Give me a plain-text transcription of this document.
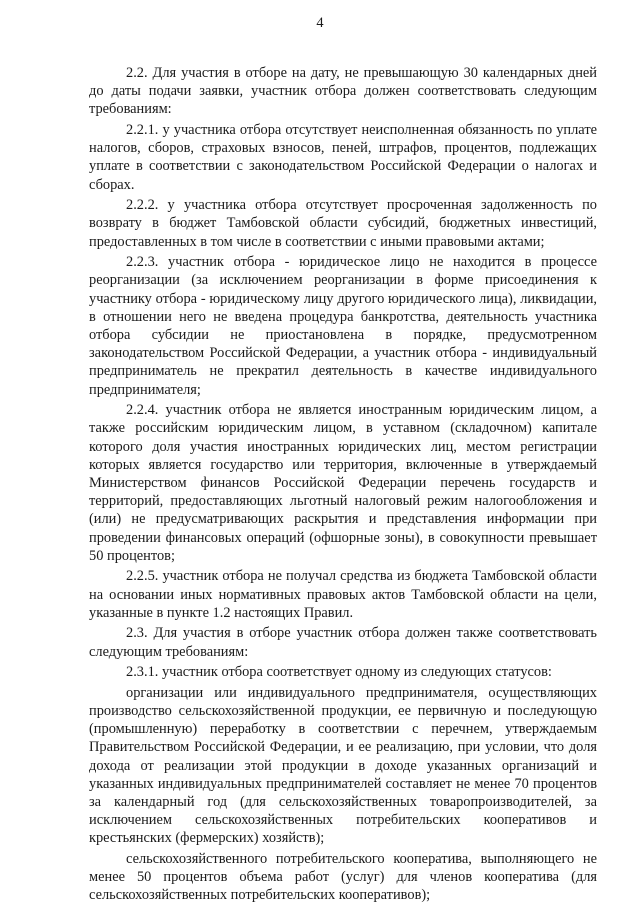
4

2.2. Для участия в отборе на дату, не превышающую 30 календарных дней до даты подачи заявки, участник отбора должен соответствовать следующим требованиям:

2.2.1. у участника отбора отсутствует неисполненная обязанность по уплате налогов, сборов, страховых взносов, пеней, штрафов, процентов, подлежащих уплате в соответствии с законодательством Российской Федерации о налогах и сборах.

2.2.2. у участника отбора отсутствует просроченная задолженность по возврату в бюджет Тамбовской области субсидий, бюджетных инвестиций, предоставленных в том числе в соответствии с иными правовыми актами;

2.2.3. участник отбора - юридическое лицо не находится в процессе реорганизации (за исключением реорганизации в форме присоединения к участнику отбора - юридическому лицу другого юридического лица), ликвидации, в отношении него не введена процедура банкротства, деятельность участника отбора субсидии не приостановлена в порядке, предусмотренном законодательством Российской Федерации, а участник отбора - индивидуальный предприниматель не прекратил деятельность в качестве индивидуального предпринимателя;

2.2.4. участник отбора не является иностранным юридическим лицом, а также российским юридическим лицом, в уставном (складочном) капитале которого доля участия иностранных юридических лиц, местом регистрации которых является государство или территория, включенные в утверждаемый Министерством финансов Российской Федерации перечень государств и территорий, предоставляющих льготный налоговый режим налогообложения и (или) не предусматривающих раскрытия и представления информации при проведении финансовых операций (офшорные зоны), в совокупности превышает 50 процентов;

2.2.5. участник отбора не получал средства из бюджета Тамбовской области на основании иных нормативных правовых актов Тамбовской области на цели, указанные в пункте 1.2 настоящих Правил.

2.3. Для участия в отборе участник отбора должен также соответствовать следующим требованиям:

2.3.1. участник отбора соответствует одному из следующих статусов:

организации или индивидуального предпринимателя, осуществляющих производство сельскохозяйственной продукции, ее первичную и последующую (промышленную) переработку в соответствии с перечнем, утверждаемым Правительством Российской Федерации, и ее реализацию, при условии, что доля дохода от реализации этой продукции в доходе указанных организаций и указанных индивидуальных предпринимателей составляет не менее 70 процентов за календарный год (для сельскохозяйственных товаропроизводителей, за исключением сельскохозяйственных потребительских кооперативов и крестьянских (фермерских) хозяйств);

сельскохозяйственного потребительского кооператива, выполняющего не менее 50 процентов объема работ (услуг) для членов кооператива (для сельскохозяйственных потребительских кооперативов);
